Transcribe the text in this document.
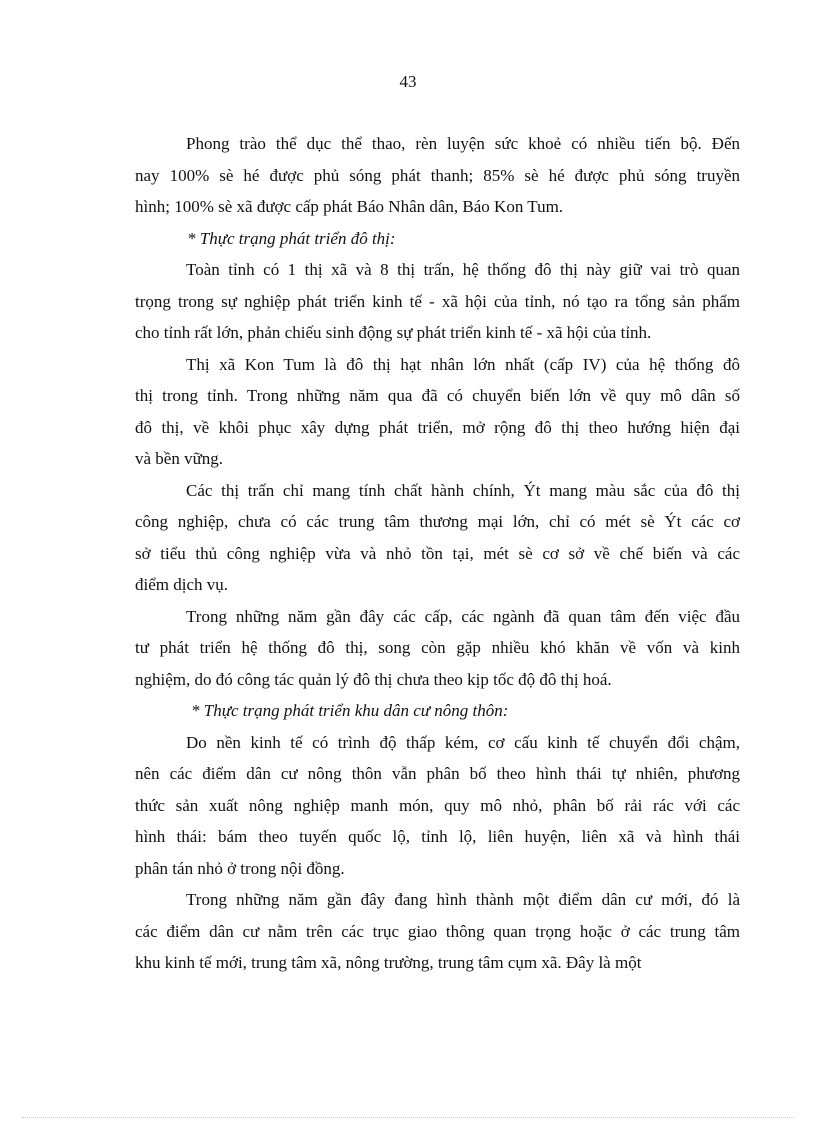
43
Phong trào thể dục thể thao, rèn luyện sức khoẻ có nhiều tiến bộ. Đến
nay 100% sè hé được phủ sóng phát thanh; 85% sè hé được phủ sóng truyền
hình; 100% sè xã được cấp phát Báo Nhân dân, Báo Kon Tum.
* Thực trạng phát triển đô thị:
Toàn tỉnh có 1 thị xã và 8 thị trấn, hệ thống đô thị này giữ vai trò quan
trọng trong sự nghiệp phát triển kinh tế - xã hội của tỉnh, nó tạo ra tổng sản phẩm
cho tỉnh rất lớn, phản chiếu sinh động sự phát triển kinh tế - xã hội của tỉnh.
Thị xã Kon Tum là đô thị hạt nhân lớn nhất (cấp IV) của hệ thống đô
thị trong tỉnh. Trong những năm qua đã có chuyển biến lớn về quy mô dân số
đô thị, về khôi phục xây dựng phát triển, mở rộng đô thị theo hướng hiện đại
và bền vững.
Các thị trấn chỉ mang tính chất hành chính, Ýt mang màu sắc của đô thị
công nghiệp, chưa có các trung tâm thương mại lớn, chỉ có mét sè Ýt các cơ
sở tiểu thủ công nghiệp vừa và nhỏ tồn tại, mét sè cơ sở về chế biến và các
điểm dịch vụ.
Trong những năm gần đây các cấp, các ngành đã quan tâm đến việc đầu
tư phát triển hệ thống đô thị, song còn gặp nhiều khó khăn về vốn và kinh
nghiệm, do đó công tác quản lý đô thị chưa theo kịp tốc độ đô thị hoá.
* Thực trạng phát triển khu dân cư nông thôn:
Do nền kinh tế có trình độ thấp kém, cơ cấu kinh tế chuyển đổi chậm,
nên các điểm dân cư nông thôn vẫn phân bố theo hình thái tự nhiên, phương
thức sản xuất nông nghiệp manh món, quy mô nhỏ, phân bố rải rác với các
hình thái: bám theo tuyến quốc lộ, tỉnh lộ, liên huyện, liên xã và hình thái
phân tán nhỏ ở trong nội đồng.
Trong những năm gần đây đang hình thành một điểm dân cư mới, đó là
các điểm dân cư nằm trên các trục giao thông quan trọng hoặc ở các trung tâm
khu kinh tế mới, trung tâm xã, nông trường, trung tâm cụm xã. Đây là một
